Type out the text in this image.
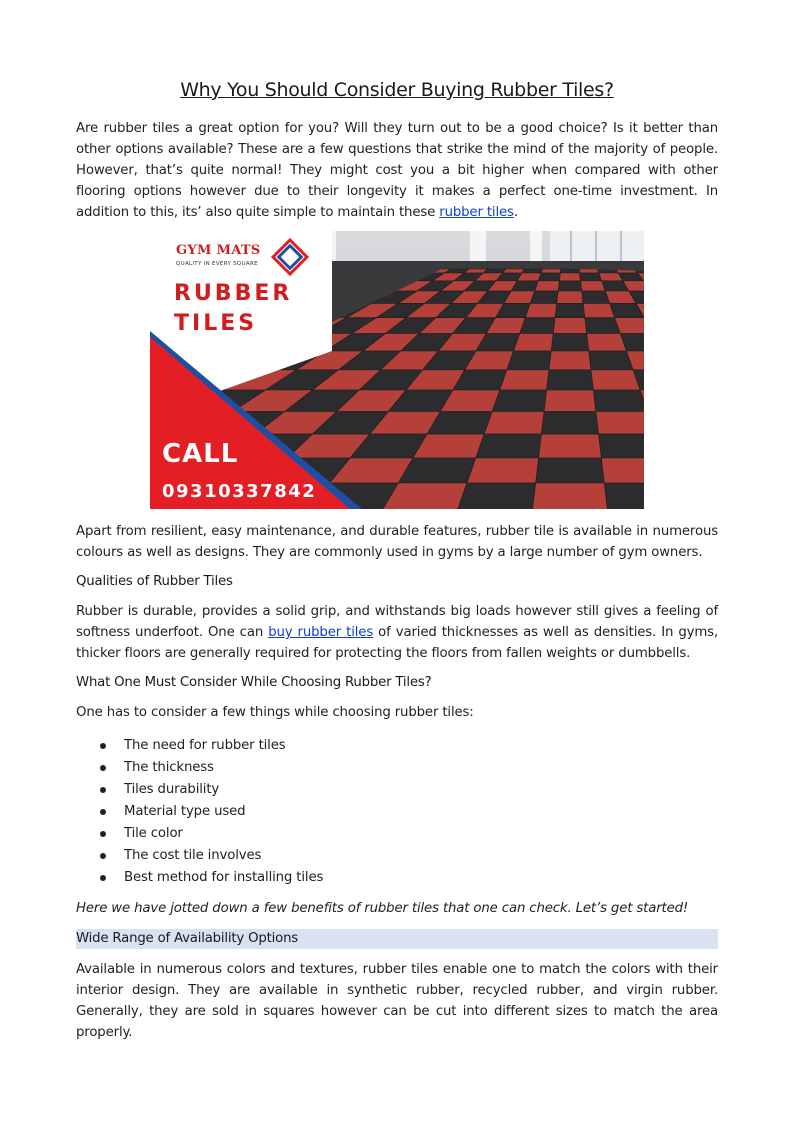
Why You Should Consider Buying Rubber Tiles?

Are rubber tiles a great option for you? Will they turn out to be a good choice? Is it better than other options available? These are a few questions that strike the mind of the majority of people. However, that’s quite normal! They might cost you a bit higher when compared with other flooring options however due to their longevity it makes a perfect one-time investment. In addition to this, its’ also quite simple to maintain these rubber tiles.

GYM MATS
QUALITY IN EVERY SQUARE
RUBBER
TILES
CALL
09310337842

Apart from resilient, easy maintenance, and durable features, rubber tile is available in numerous colours as well as designs. They are commonly used in gyms by a large number of gym owners.

Qualities of Rubber Tiles

Rubber is durable, provides a solid grip, and withstands big loads however still gives a feeling of softness underfoot. One can buy rubber tiles of varied thicknesses as well as densities. In gyms, thicker floors are generally required for protecting the floors from fallen weights or dumbbells.

What One Must Consider While Choosing Rubber Tiles?

One has to consider a few things while choosing rubber tiles:

The need for rubber tiles
The thickness
Tiles durability
Material type used
Tile color
The cost tile involves
Best method for installing tiles
Here we have jotted down a few benefits of rubber tiles that one can check. Let’s get started!
Wide Range of Availability Options

Available in numerous colors and textures, rubber tiles enable one to match the colors with their interior design. They are available in synthetic rubber, recycled rubber, and virgin rubber. Generally, they are sold in squares however can be cut into different sizes to match the area properly.
